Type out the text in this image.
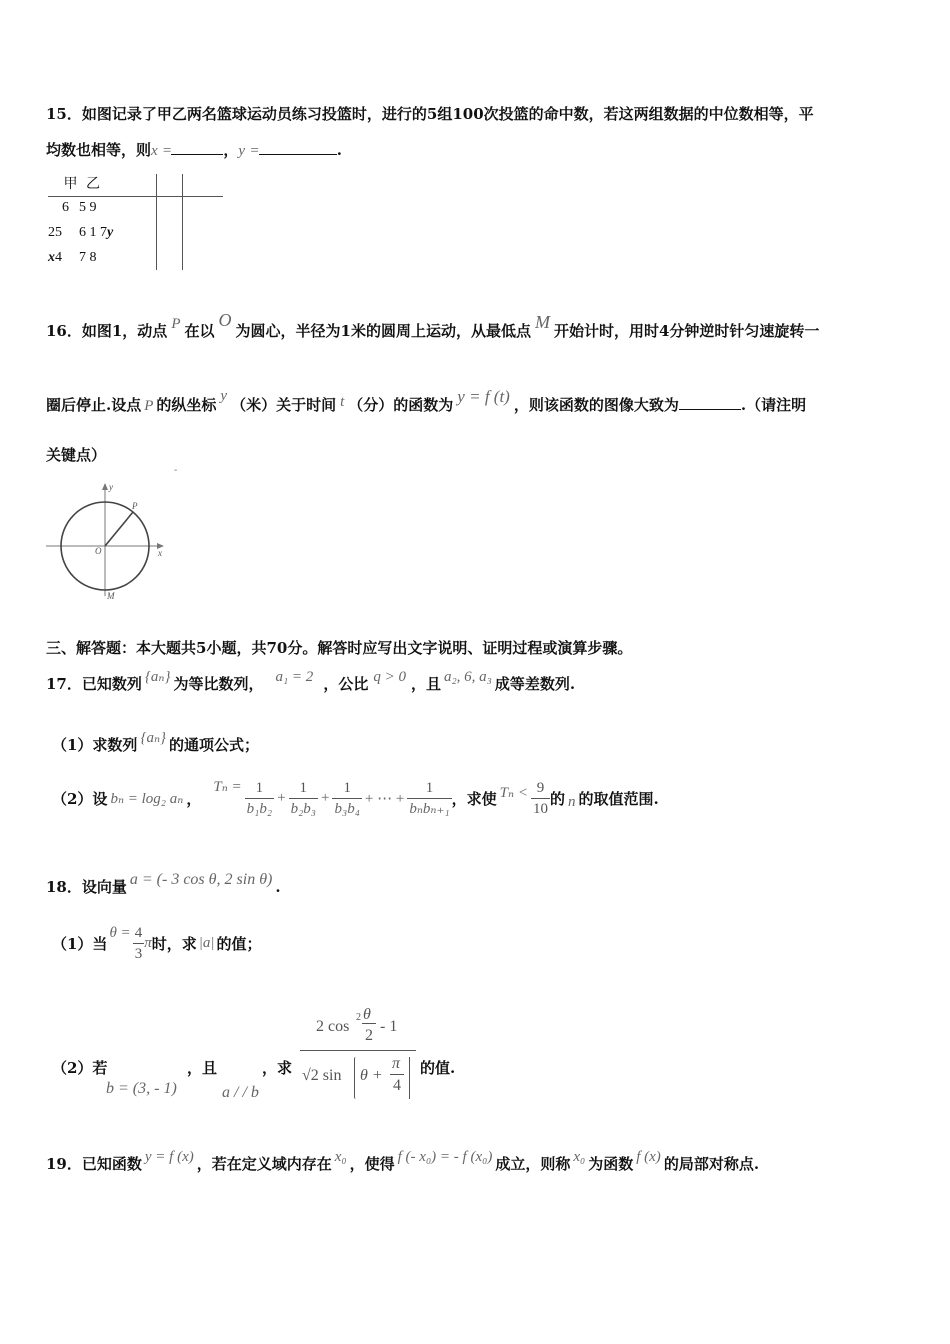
15．如图记录了甲乙两名篮球运动员练习投篮时，进行的5组100次投篮的命中数，若这两组数据的中位数相等，平
均数也相等，则x =	，y =	.
		甲		乙		
		6	5	9		
2	5		6	1	7	y
x	4		7	8		
16．如图1，动点 P 在以O为圆心，半径为1米的圆周上运动，从最低点 M 开始计时，用时4分钟逆时针匀速旋转一
圈后停止.设点 P 的纵坐标 y （米）关于时间 t （分）的函数为 y = f (t) ，则该函数的图像大致为	.（请注明
关键点）
-
y
x
O
P
M
三、解答题：本大题共5小题，共70分。解答时应写出文字说明、证明过程或演算步骤。
17．已知数列 {aₙ} 为等比数列， a₁ = 2 ，公比 q > 0 ，且 a₂, 6, a₃ 成等差数列.
（1）求数列 {aₙ} 的通项公式；
（2）设 bₙ = log₂ aₙ ，$T_n = \frac{1}{\text{b₁b₂}} + \frac{1}{\text{b₂b₃}} + \frac{1}{\text{b₃b₄}}$ + ⋯ + $\frac{1}{\text{bₙbₙ₊₁}}$ ，求使 $T_n < \frac{9}{10}$ 的 n 的取值范围.
18．设向量 a = (- 3 cos θ, 2 sin θ) .
（1）当$\theta = \frac{4}{3}$ π时，求 |a| 的值；
（2）若
b = (3, - 1)
，且
a / / b
，求 2 cos
2 θ
2
- 1
√2 sin θ +
π
4 的值.
19．已知函数 y = f (x) ，若在定义域内存在 x₀ ，使得 f (- x₀) = - f (x₀) 成立，则称 x₀ 为函数 f (x) 的局部对称点.
